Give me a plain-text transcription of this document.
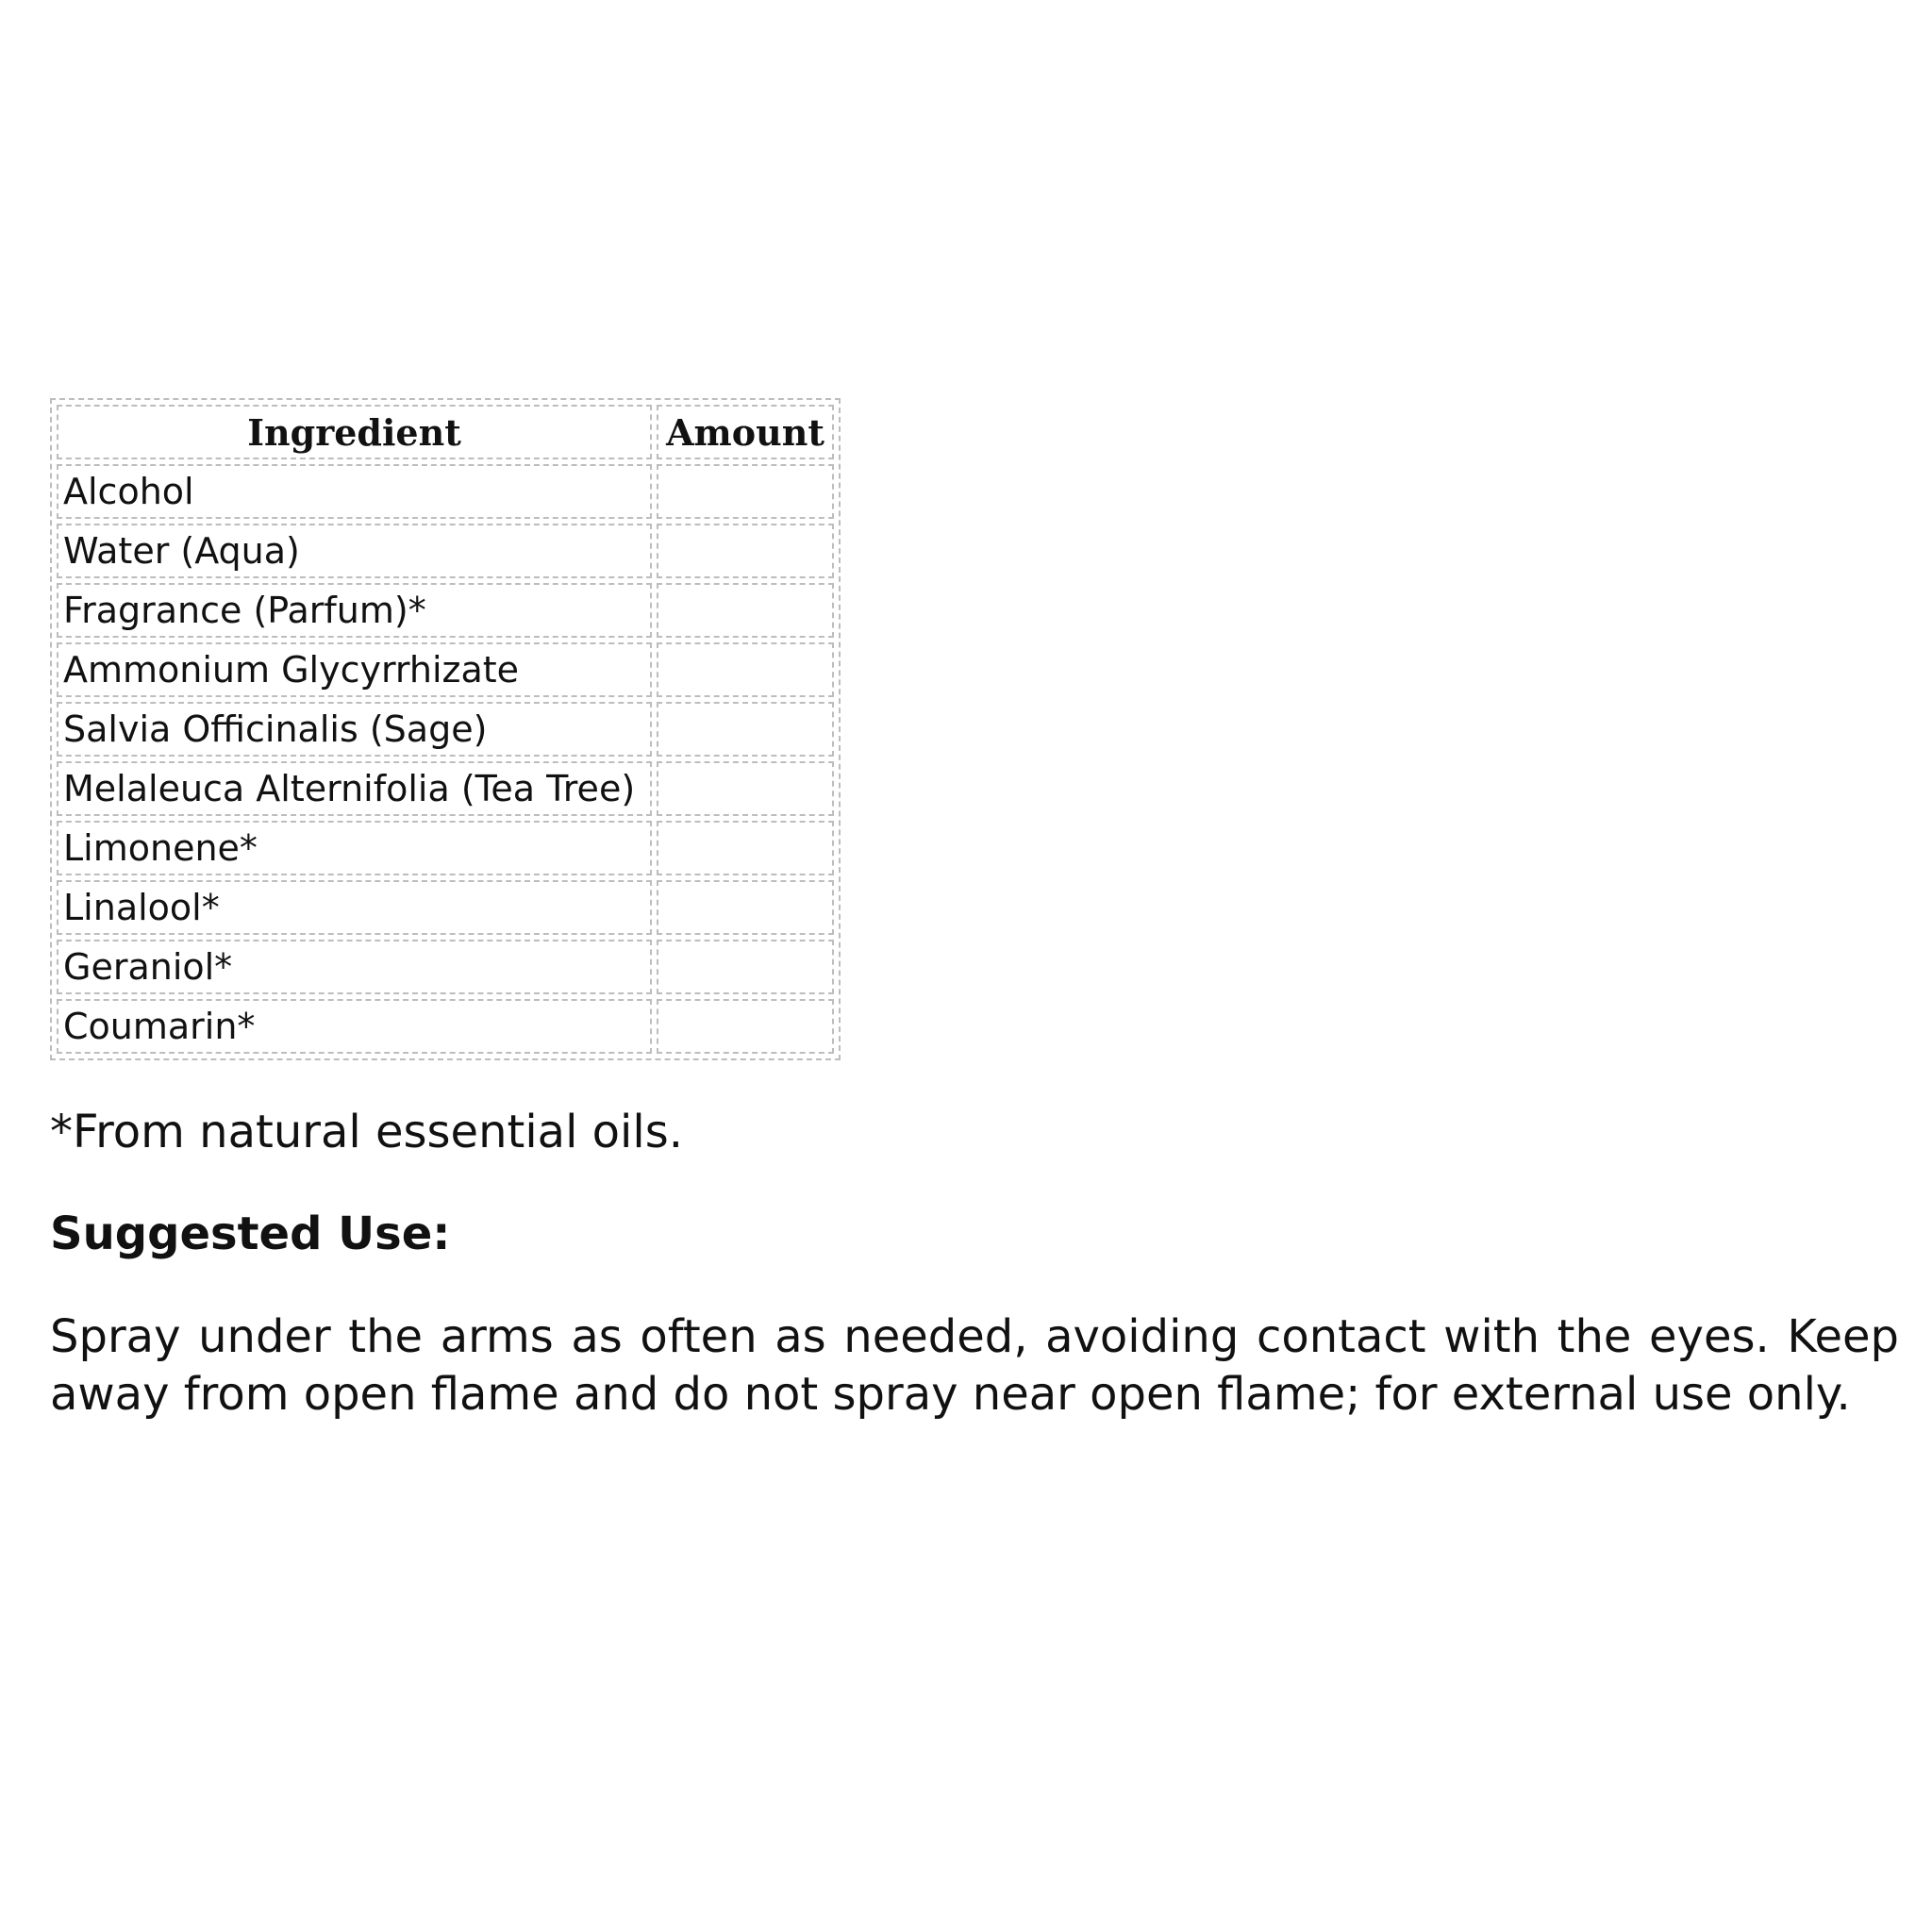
Ingredient	Amount
Alcohol	
Water (Aqua)	
Fragrance (Parfum)*	
Ammonium Glycyrrhizate	
Salvia Officinalis (Sage)	
Melaleuca Alternifolia (Tea Tree)	
Limonene*	
Linalool*	
Geraniol*	
Coumarin*	

*From natural essential oils.

Suggested Use:

Spray under the arms as often as needed, avoiding contact with the eyes. Keep away from open flame and do not spray near open flame; for external use only.
